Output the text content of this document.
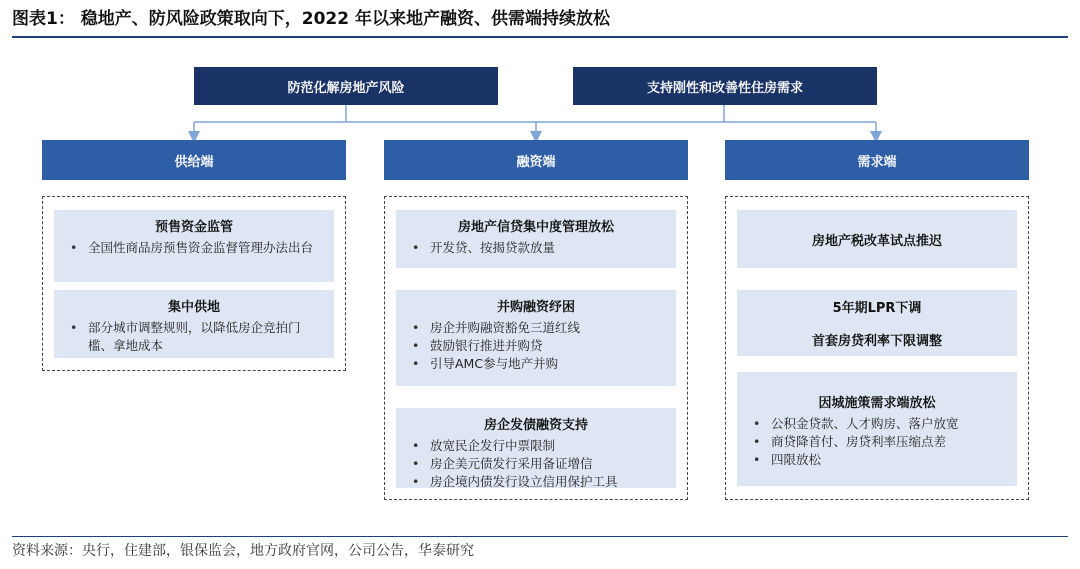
图表1： 稳地产、防风险政策取向下，2022 年以来地产融资、供需端持续放松
防范化解房地产风险	支持刚性和改善性住房需求
供给端	融资端	需求端
预售资金监管
• 全国性商品房预售资金监督管理办法出台
集中供地
• 部分城市调整规则，以降低房企竞拍门槛、拿地成本
房地产信贷集中度管理放松
• 开发贷、按揭贷款放量
并购融资纾困
• 房企并购融资豁免三道红线
• 鼓励银行推进并购贷
• 引导AMC参与地产并购
房企发债融资支持
• 放宽民企发行中票限制
• 房企美元债发行采用备证增信
• 房企境内债发行设立信用保护工具
房地产税改革试点推迟
5年期LPR下调
首套房贷利率下限调整
因城施策需求端放松
• 公积金贷款、人才购房、落户放宽
• 商贷降首付、房贷利率压缩点差
• 四限放松
资料来源：央行，住建部，银保监会，地方政府官网，公司公告，华泰研究
